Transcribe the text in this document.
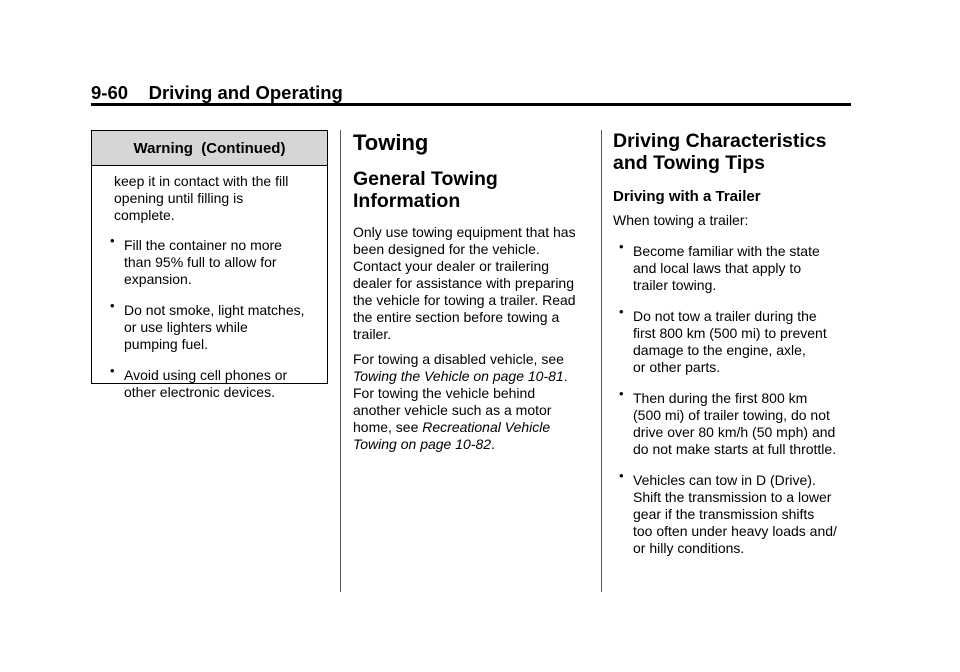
9-60    Driving and Operating
Warning  (Continued)

keep it in contact with the fill
opening until filling is
complete.

• Fill the container no more
than 95% full to allow for
expansion.
• Do not smoke, light matches,
or use lighters while
pumping fuel.
• Avoid using cell phones or
other electronic devices.
Towing
General Towing
Information

Only use towing equipment that has
been designed for the vehicle.
Contact your dealer or trailering
dealer for assistance with preparing
the vehicle for towing a trailer. Read
the entire section before towing a
trailer.

For towing a disabled vehicle, see
Towing the Vehicle on page 10-81.
For towing the vehicle behind
another vehicle such as a motor
home, see Recreational Vehicle
Towing on page 10-82.

Driving Characteristics
and Towing Tips
Driving with a Trailer

When towing a trailer:

• Become familiar with the state
and local laws that apply to
trailer towing.
• Do not tow a trailer during the
first 800 km (500 mi) to prevent
damage to the engine, axle,
or other parts.
• Then during the first 800 km
(500 mi) of trailer towing, do not
drive over 80 km/h (50 mph) and
do not make starts at full throttle.
• Vehicles can tow in D (Drive).
Shift the transmission to a lower
gear if the transmission shifts
too often under heavy loads and/
or hilly conditions.
